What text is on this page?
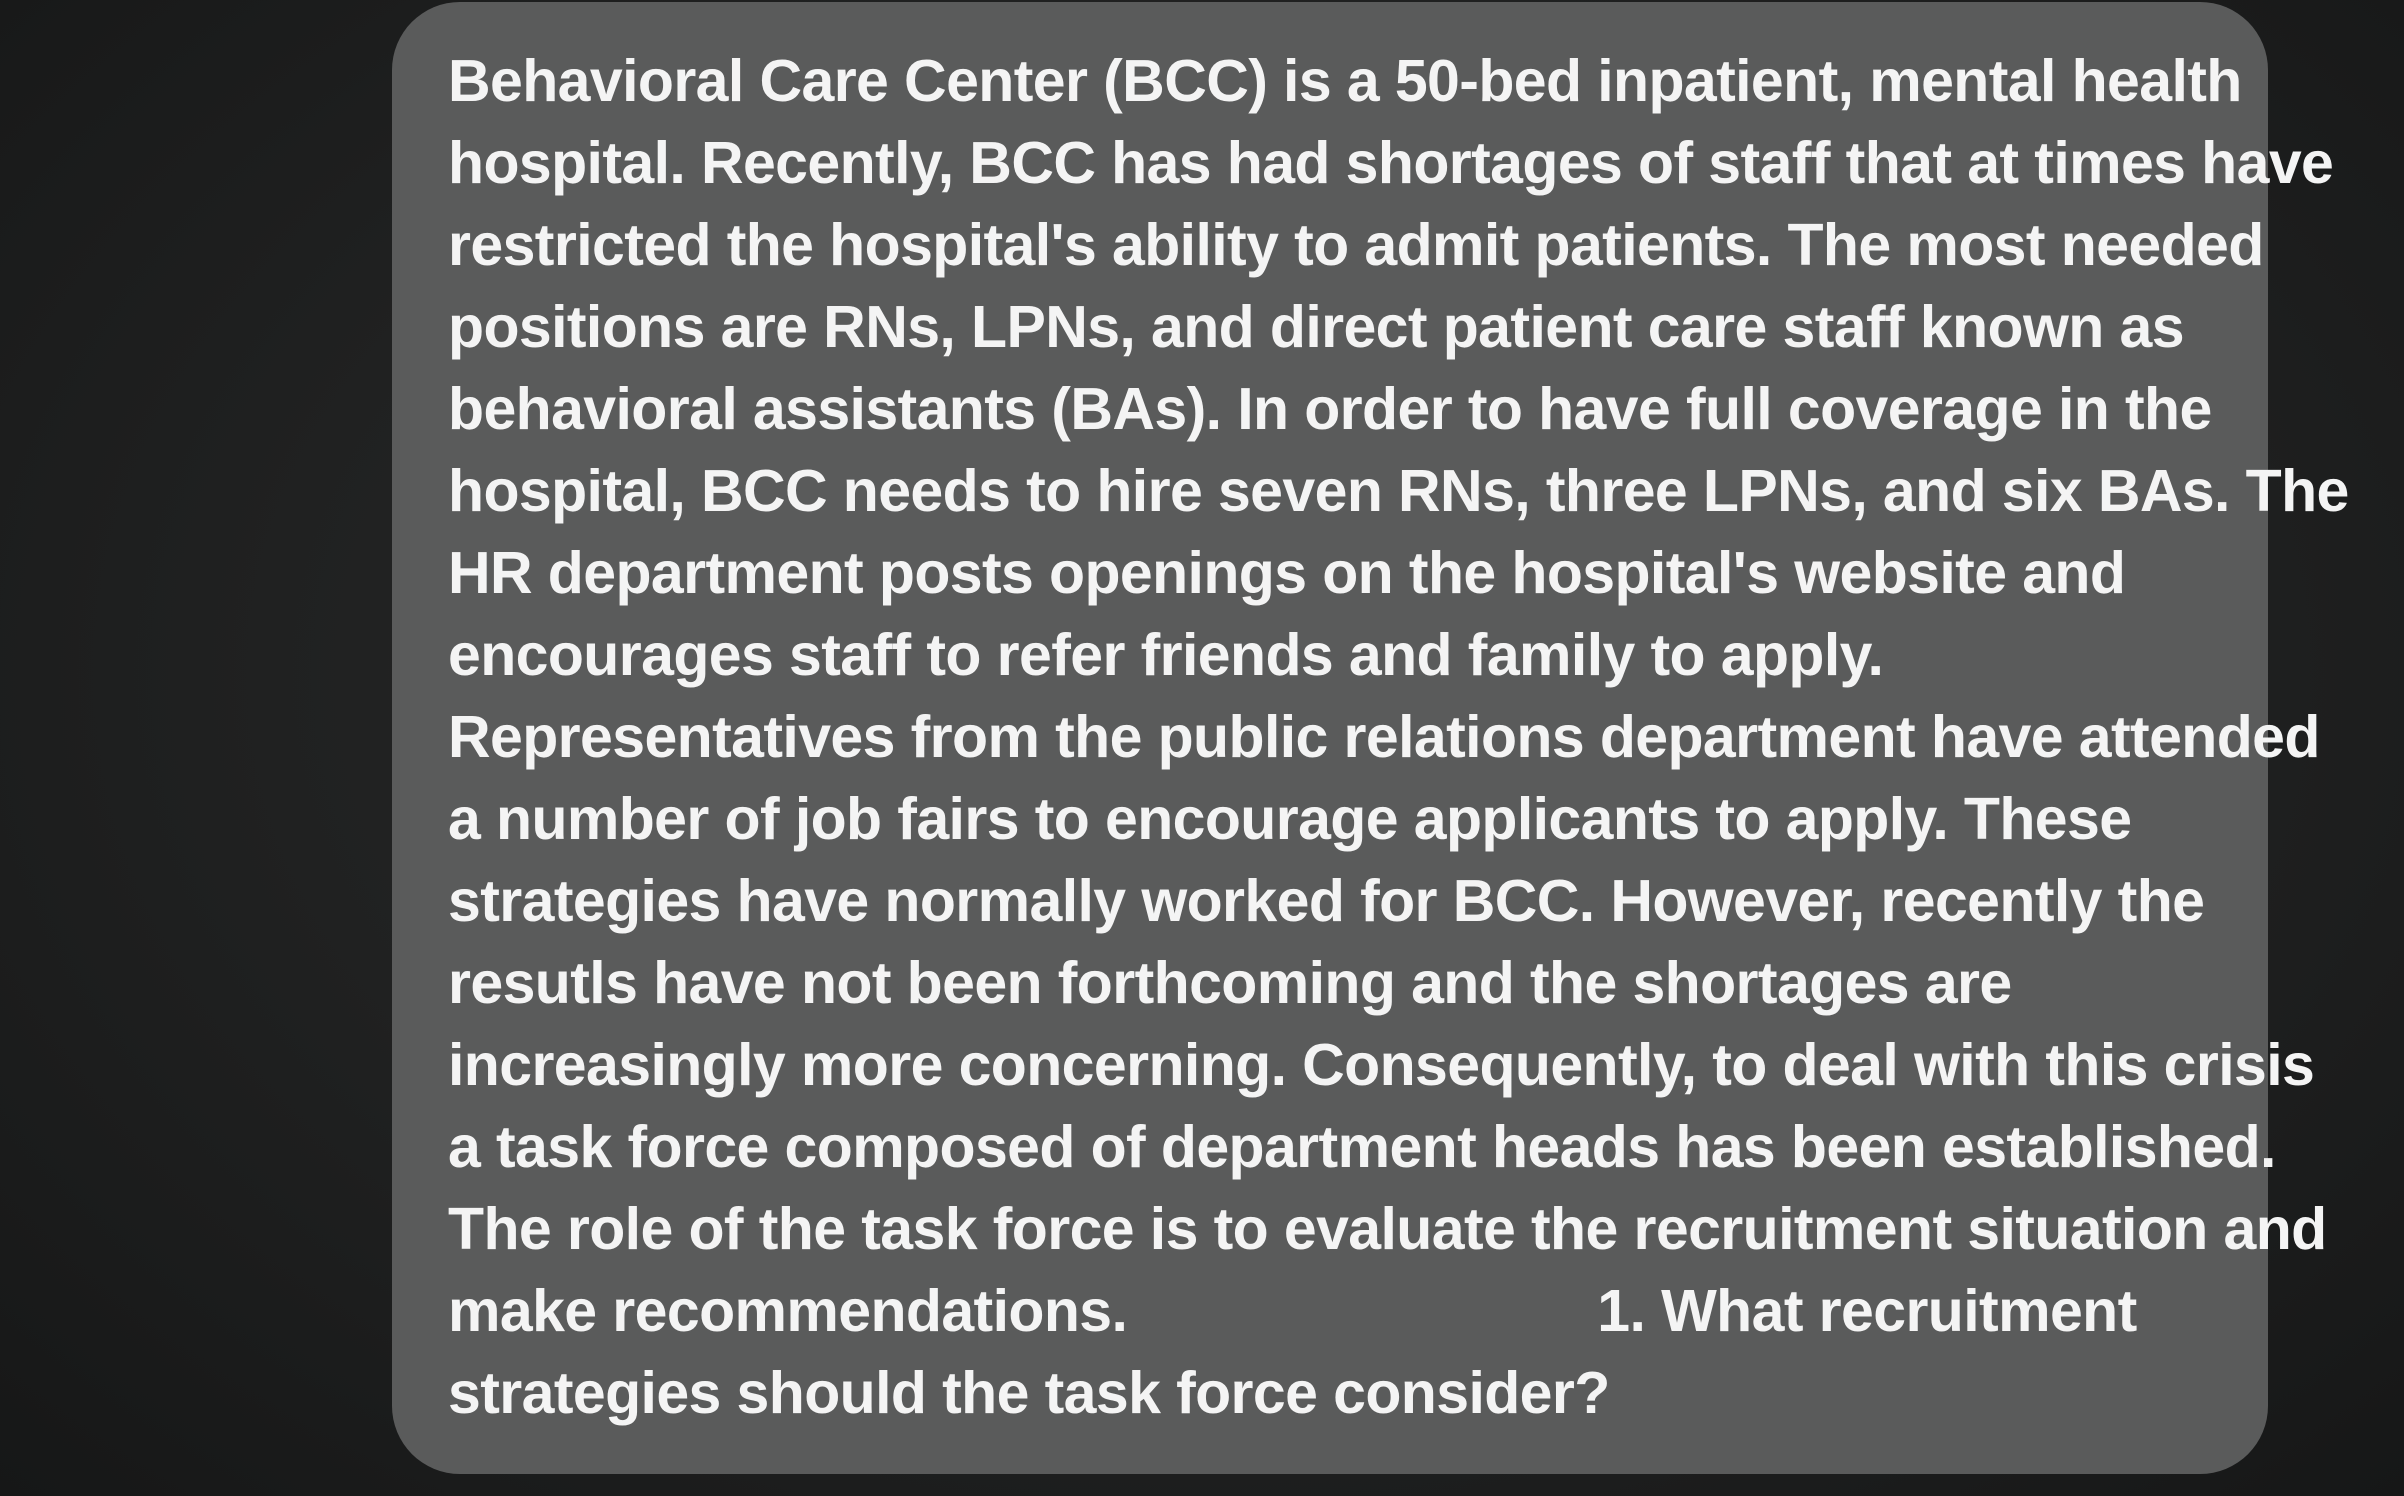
Behavioral Care Center (BCC) is a 50-bed inpatient, mental health
hospital. Recently, BCC has had shortages of staff that at times have
restricted the hospital's ability to admit patients. The most needed
positions are RNs, LPNs, and direct patient care staff known as
behavioral assistants (BAs). In order to have full coverage in the
hospital, BCC needs to hire seven RNs, three LPNs, and six BAs. The
HR department posts openings on the hospital's website and
encourages staff to refer friends and family to apply.
Representatives from the public relations department have attended
a number of job fairs to encourage applicants to apply. These
strategies have normally worked for BCC. However, recently the
resutls have not been forthcoming and the shortages are
increasingly more concerning. Consequently, to deal with this crisis
a task force composed of department heads has been established.
The role of the task force is to evaluate the recruitment situation and
make recommendations.	1. What recruitment
strategies should the task force consider?
